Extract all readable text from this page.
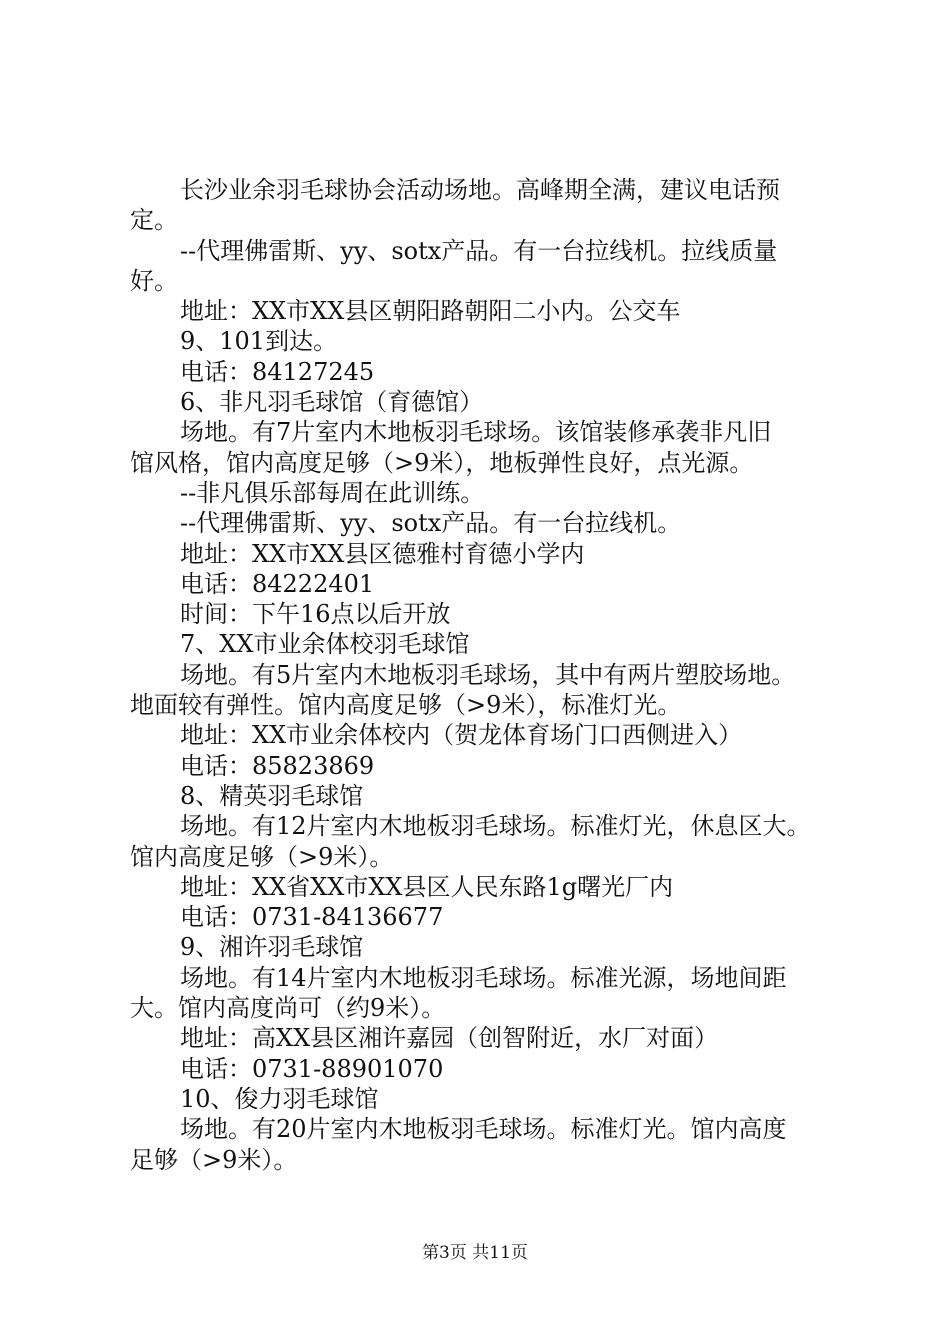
长沙业余羽毛球协会活动场地。高峰期全满，建议电话预
定。
--代理佛雷斯、yy、sotx产品。有一台拉线机。拉线质量
好。
地址：XX市XX县区朝阳路朝阳二小内。公交车
9、101到达。
电话：84127245
6、非凡羽毛球馆（育德馆）
场地。有7片室内木地板羽毛球场。该馆装修承袭非凡旧
馆风格，馆内高度足够（>9米），地板弹性良好，点光源。
--非凡俱乐部每周在此训练。
--代理佛雷斯、yy、sotx产品。有一台拉线机。
地址：XX市XX县区德雅村育德小学内
电话：84222401
时间：下午16点以后开放
7、XX市业余体校羽毛球馆
场地。有5片室内木地板羽毛球场，其中有两片塑胶场地。
地面较有弹性。馆内高度足够（>9米），标准灯光。
地址：XX市业余体校内（贺龙体育场门口西侧进入）
电话：85823869
8、精英羽毛球馆
场地。有12片室内木地板羽毛球场。标准灯光，休息区大。
馆内高度足够（>9米）。
地址：XX省XX市XX县区人民东路1g曙光厂内
电话：0731-84136677
9、湘许羽毛球馆
场地。有14片室内木地板羽毛球场。标准光源，场地间距
大。馆内高度尚可（约9米）。
地址：高XX县区湘许嘉园（创智附近，水厂对面）
电话：0731-88901070
10、俊力羽毛球馆
场地。有20片室内木地板羽毛球场。标准灯光。馆内高度
足够（>9米）。
第3页 共11页
